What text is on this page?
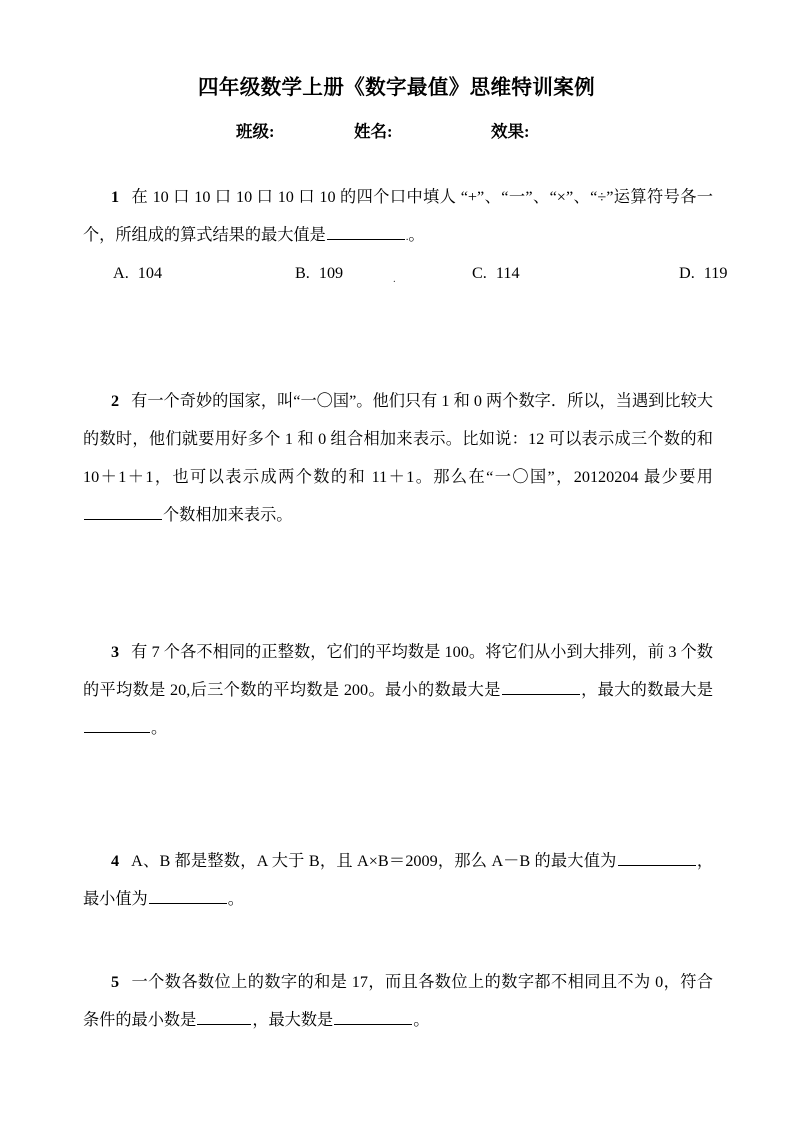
四年级数学上册《数字最值》思维特训案例
班级:	姓名:	效果:
1 在 10 口 10 口 10 口 10 口 10 的四个口中填人 “+”、“一”、“×”、“÷”运算符号各一个，所组成的算式结果的最大值是	.。
A. 104	B. 109	.	C. 114	D. 119
2 有一个奇妙的国家，叫“一〇国”。他们只有 1 和 0 两个数字．所以，当遇到比较大的数时，他们就要用好多个 1 和 0 组合相加来表示。比如说：12 可以表示成三个数的和 10＋1＋1，也可以表示成两个数的和 11＋1。那么在“一〇国”，20120204 最少要用个数相加来表示。
3 有 7 个各不相同的正整数，它们的平均数是 100。将它们从小到大排列，前 3 个数的平均数是 20,后三个数的平均数是 200。最小的数最大是	，最大的数最大是。
4 A、B 都是整数，A 大于 B，且 A×B＝2009，那么 A－B 的最大值为	，最小值为	。
5 一个数各数位上的数字的和是 17，而且各数位上的数字都不相同且不为 0，符合条件的最小数是	，最大数是	。
